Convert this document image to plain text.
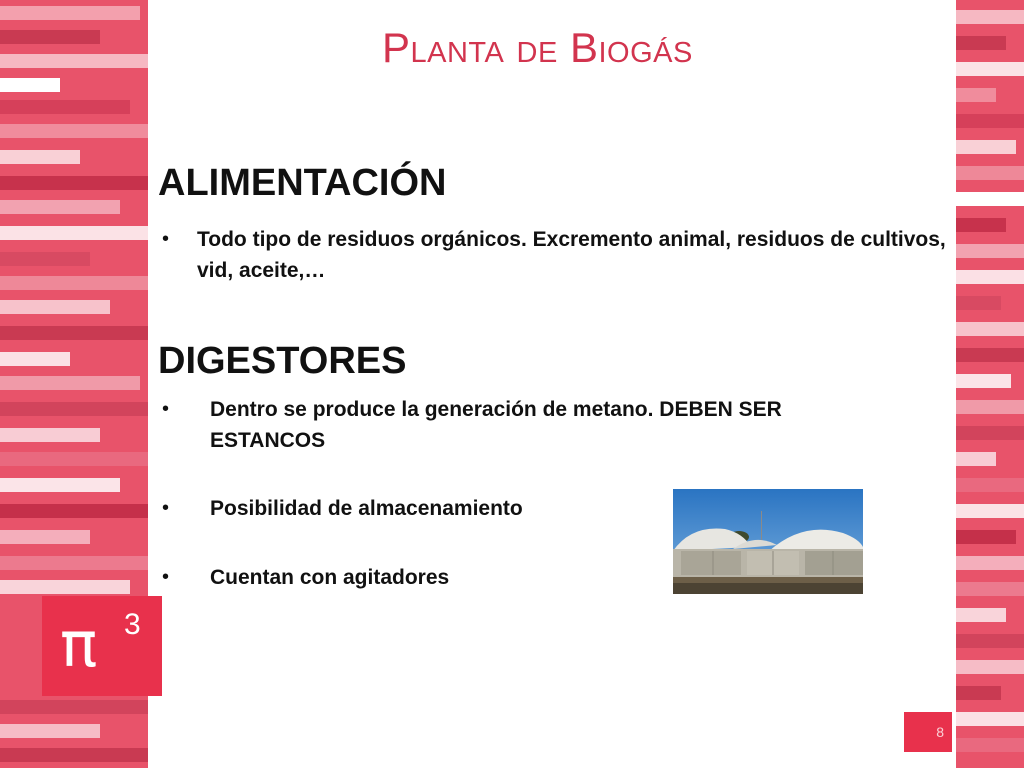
Planta de Biogás
ALIMENTACIÓN
• Todo tipo de residuos orgánicos. Excremento animal, residuos de cultivos, vid, aceite,…
DIGESTORES
• Dentro se produce la generación de metano. DEBEN SER ESTANCOS
• Posibilidad de almacenamiento
• Cuentan con agitadores
π 3
8
